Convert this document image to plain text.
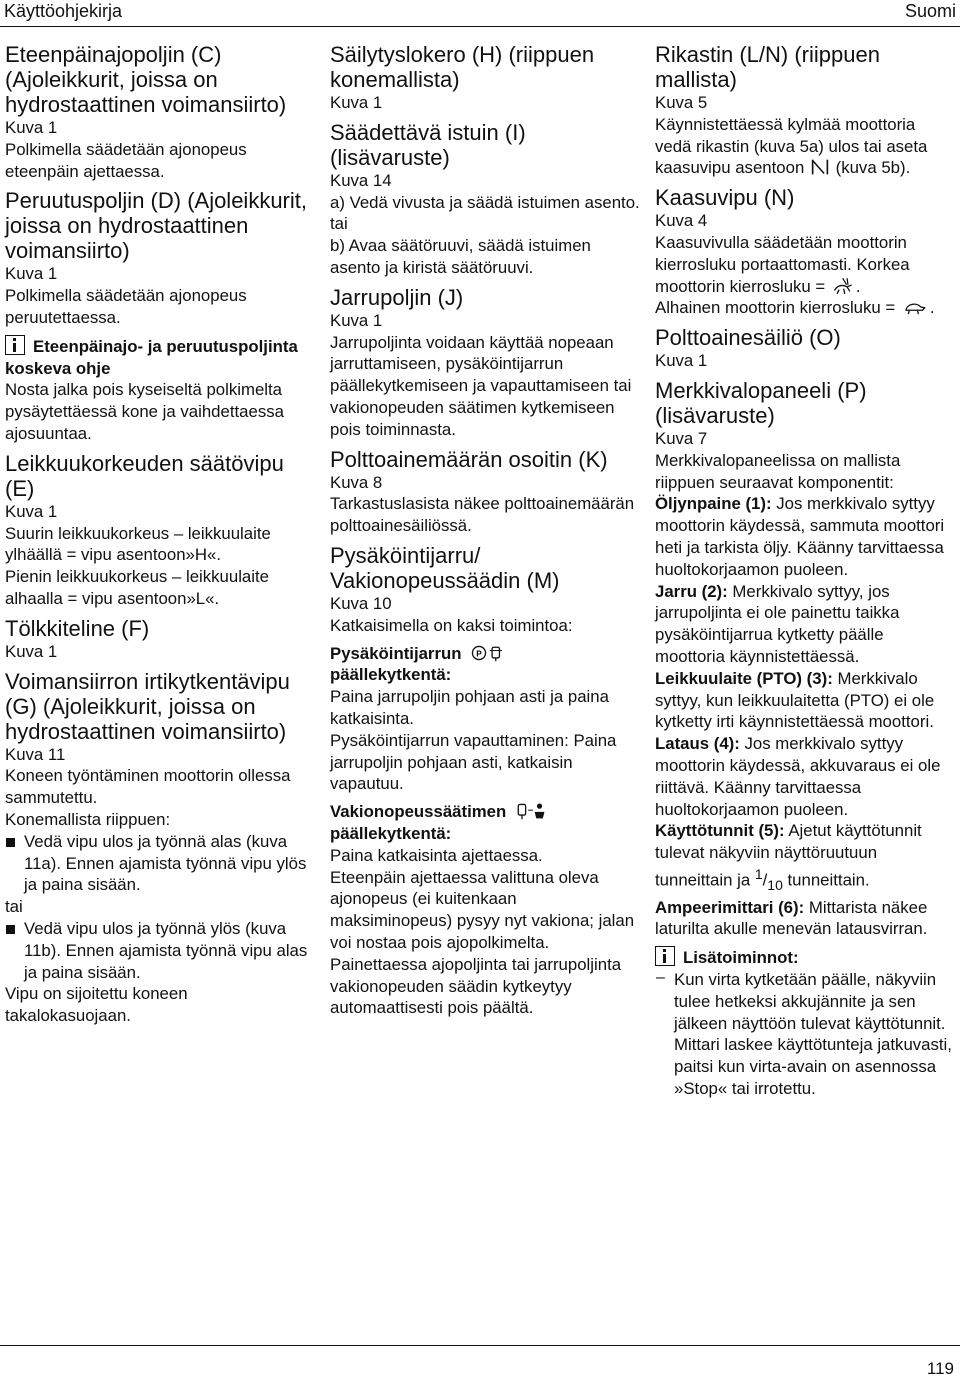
Käyttöohjekirja	Suomi
Eteenpäinajopoljin (C) (Ajoleikkurit, joissa on hydrostaattinen voimansiirto)

Kuva 1

Polkimella säädetään ajonopeus eteenpäin ajettaessa.

Peruutuspoljin (D) (Ajoleikkurit, joissa on hydrostaattinen voimansiirto)

Kuva 1

Polkimella säädetään ajonopeus peruutettaessa.

Eteenpäinajo- ja peruutuspoljinta koskeva ohje

Nosta jalka pois kyseiseltä polkimelta pysäytettäessä kone ja vaihdettaessa ajosuuntaa.

Leikkuukorkeuden säätövipu (E)

Kuva 1

Suurin leikkuukorkeus – leikkuulaite ylhäällä = vipu asentoon»H«.

Pienin leikkuukorkeus – leikkuulaite alhaalla = vipu asentoon»L«.

Tölkkiteline (F)

Kuva 1

Voimansiirron irtikytkentävipu (G) (Ajoleikkurit, joissa on hydrostaattinen voimansiirto)

Kuva 11

Koneen työntäminen moottorin ollessa sammutettu.

Konemallista riippuen:

Vedä vipu ulos ja työnnä alas (kuva 11a). Ennen ajamista työnnä vipu ylös ja paina sisään.

tai

Vedä vipu ulos ja työnnä ylös (kuva 11b). Ennen ajamista työnnä vipu alas ja paina sisään.

Vipu on sijoitettu koneen takalokasuojaan.

Säilytyslokero (H) (riippuen konemallista)

Kuva 1

Säädettävä istuin (I) (lisävaruste)

Kuva 14

a) Vedä vivusta ja säädä istuimen asento.

tai

b) Avaa säätöruuvi, säädä istuimen asento ja kiristä säätöruuvi.

Jarrupoljin (J)

Kuva 1

Jarrupoljinta voidaan käyttää nopeaan jarruttamiseen, pysäköintijarrun päällekytkemiseen ja vapauttamiseen tai vakionopeuden säätimen kytkemiseen pois toiminnasta.

Polttoainemäärän osoitin (K)

Kuva 8

Tarkastuslasista näkee polttoainemäärän polttoainesäiliössä.

Pysäköintijarru/ Vakionopeussäädin (M)

Kuva 10

Katkaisimella on kaksi toimintoa:

Pysäköintijarrun P

päällekytkentä:

Paina jarrupoljin pohjaan asti ja paina katkaisinta.

Pysäköintijarrun vapauttaminen: Paina jarrupoljin pohjaan asti, katkaisin vapautuu.

Vakionopeussäätimen

päällekytkentä:

Paina katkaisinta ajettaessa.

Eteenpäin ajettaessa valittuna oleva ajonopeus (ei kuitenkaan maksiminopeus) pysyy nyt vakiona; jalan voi nostaa pois ajopolkimelta.

Painettaessa ajopoljinta tai jarrupoljinta vakionopeuden säädin kytkeytyy automaattisesti pois päältä.

Rikastin (L/N) (riippuen mallista)

Kuva 5

Käynnistettäessä kylmää moottoria vedä rikastin (kuva 5a) ulos tai aseta kaasuvipu asentoon (kuva 5b).

Kaasuvipu (N)

Kuva 4

Kaasuvivulla säädetään moottorin kierrosluku portaattomasti. Korkea moottorin kierrosluku = .

Alhainen moottorin kierrosluku = .

Polttoainesäiliö (O)

Kuva 1

Merkkivalopaneeli (P) (lisävaruste)

Kuva 7

Merkkivalopaneelissa on mallista riippuen seuraavat komponentit:

Öljynpaine (1): Jos merkkivalo syttyy moottorin käydessä, sammuta moottori heti ja tarkista öljy. Käänny tarvittaessa huoltokorjaamon puoleen.

Jarru (2): Merkkivalo syttyy, jos jarrupoljinta ei ole painettu taikka pysäköintijarrua kytketty päälle moottoria käynnistettäessä.

Leikkuulaite (PTO) (3): Merkkivalo syttyy, kun leikkuulaitetta (PTO) ei ole kytketty irti käynnistettäessä moottori.

Lataus (4): Jos merkkivalo syttyy moottorin käydessä, akkuvaraus ei ole riittävä. Käänny tarvittaessa huoltokorjaamon puoleen.

Käyttötunnit (5): Ajetut käyttötunnit tulevat näkyviin näyttöruutuun tunneittain ja $^1/_{10}$ tunneittain.

Ampeerimittari (6): Mittarista näkee laturilta akulle menevän latausvirran.

Lisätoiminnot:

– Kun virta kytketään päälle, näkyviin tulee hetkeksi akkujännite ja sen jälkeen näyttöön tulevat käyttötunnit. Mittari laskee käyttötunteja jatkuvasti, paitsi kun virta-avain on asennossa »Stop« tai irrotettu.

119
